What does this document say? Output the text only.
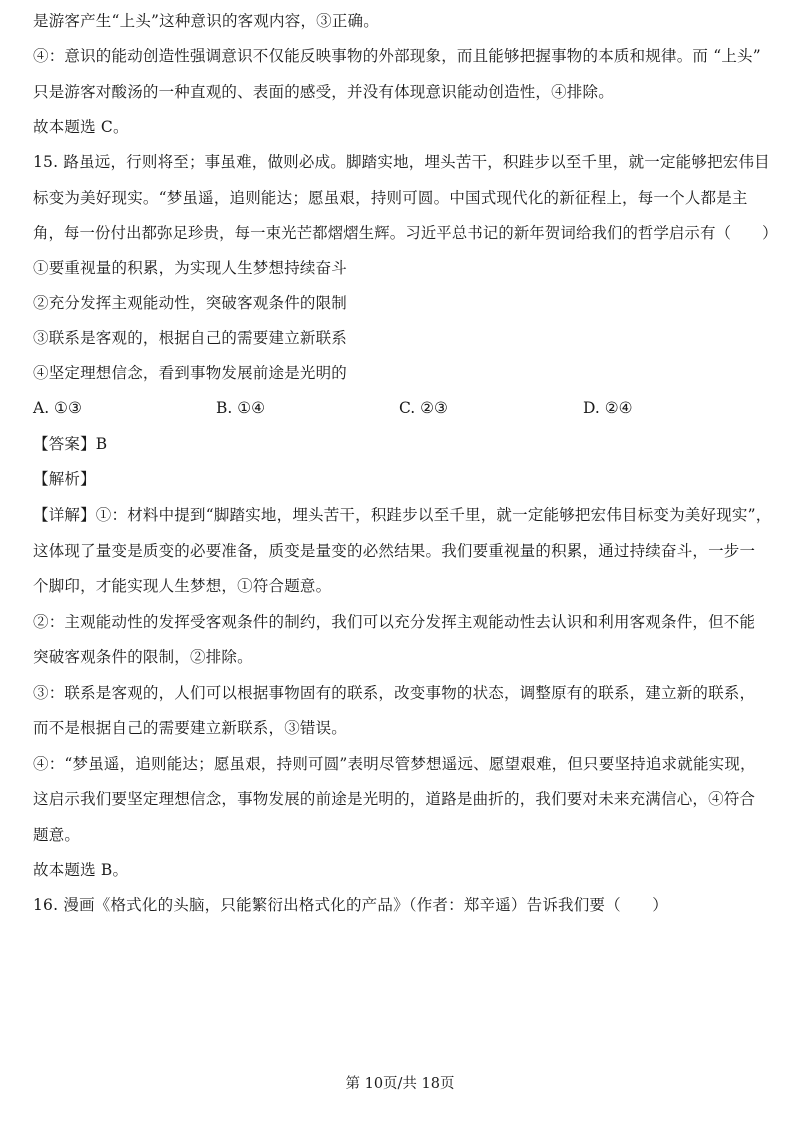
是游客产生“上头”这种意识的客观内容，③正确。
④：意识的能动创造性强调意识不仅能反映事物的外部现象，而且能够把握事物的本质和规律。而 “上头”
只是游客对酸汤的一种直观的、表面的感受，并没有体现意识能动创造性，④排除。
故本题选 C。
15. 路虽远，行则将至；事虽难，做则必成。脚踏实地，埋头苦干，积跬步以至千里，就一定能够把宏伟目
标变为美好现实。“梦虽遥，追则能达；愿虽艰，持则可圆。中国式现代化的新征程上，每一个人都是主
角，每一份付出都弥足珍贵，每一束光芒都熠熠生辉。习近平总书记的新年贺词给我们的哲学启示有（　　）
①要重视量的积累，为实现人生梦想持续奋斗
②充分发挥主观能动性，突破客观条件的限制
③联系是客观的，根据自己的需要建立新联系
④坚定理想信念，看到事物发展前途是光明的
A. ①③	B. ①④	C. ②③	D. ②④
【答案】B
【解析】
【详解】①：材料中提到“脚踏实地，埋头苦干，积跬步以至千里，就一定能够把宏伟目标变为美好现实”，
这体现了量变是质变的必要准备，质变是量变的必然结果。我们要重视量的积累，通过持续奋斗，一步一
个脚印，才能实现人生梦想，①符合题意。
②：主观能动性的发挥受客观条件的制约，我们可以充分发挥主观能动性去认识和利用客观条件，但不能
突破客观条件的限制，②排除。
③：联系是客观的，人们可以根据事物固有的联系，改变事物的状态，调整原有的联系，建立新的联系，
而不是根据自己的需要建立新联系，③错误。
④：“梦虽遥，追则能达；愿虽艰，持则可圆”表明尽管梦想遥远、愿望艰难，但只要坚持追求就能实现，
这启示我们要坚定理想信念，事物发展的前途是光明的，道路是曲折的，我们要对未来充满信心，④符合
题意。
故本题选 B。
16. 漫画《格式化的头脑，只能繁衍出格式化的产品》（作者：郑辛遥）告诉我们要（　　）
第 10页/共 18页
